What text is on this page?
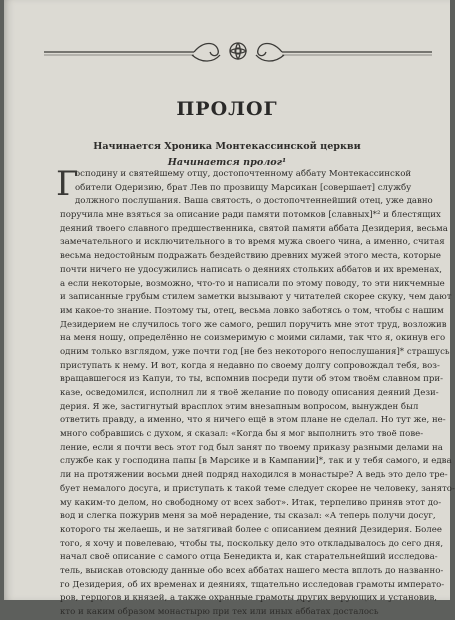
ПРОЛОГ
Начинается Хроника Монтекассинской церкви
Начинается пролог¹
Г
осподину и святейшему отцу, достопочтенному аббату Монтекассинской
обители Одеризию, брат Лев по прозвищу Марсикан [совершает] службу
должного послушания. Ваша святость, о достопочтеннейший отец, уже давно
поручила мне взяться за описание ради памяти потомков [славных]*² и блестящих
деяний твоего славного предшественника, святой памяти аббата Дезидерия, весьма
замечательного и исключительного в то время мужа своего чина, а именно, считая
весьма недостойным подражать бездействию древних мужей этого места, которые
почти ничего не удосужились написать о деяниях стольких аббатов и их временах,
а если некоторые, возможно, что-то и написали по этому поводу, то эти никчемные
и записанные грубым стилем заметки вызывают у читателей скорее скуку, чем дают
им какое-то знание. Поэтому ты, отец, весьма ловко заботясь о том, чтобы с нашим
Дезидерием не случилось того же самого, решил поручить мне этот труд, возложив
на меня ношу, определённо не соизмеримую с моими силами, так что я, окинув его
одним только взглядом, уже почти год [не без некоторого непослушания]* страшусь
приступать к нему. И вот, когда я недавно по своему долгу сопровождал тебя, воз-
вращавшегося из Капуи, то ты, вспомнив посреди пути об этом твоём славном при-
казе, осведомился, исполнил ли я твоё желание по поводу описания деяний Дези-
дерия. Я же, застигнутый врасплох этим внезапным вопросом, вынужден был
ответить правду, а именно, что я ничего ещё в этом плане не сделал. Но тут же, не-
много собравшись с духом, я сказал: «Когда бы я мог выполнить это твоё пове-
ление, если я почти весь этот год был занят по твоему приказу разными делами на
службе как у господина папы [в Марсике и в Кампании]*, так и у тебя самого, и едва
ли на протяжении восьми дней подряд находился в монастыре? А ведь это дело тре-
бует немалого досуга, и приступать к такой теме следует скорее не человеку, занято-
му каким-то делом, но свободному от всех забот». Итак, терпеливо приняв этот до-
вод и слегка пожурив меня за моё нерадение, ты сказал: «А теперь получи досуг,
которого ты желаешь, и не затягивай более с описанием деяний Дезидерия. Более
того, я хочу и повелеваю, чтобы ты, поскольку дело это откладывалось до сего дня,
начал своё описание с самого отца Бенедикта и, как старательнейший исследова-
тель, выискав отовсюду данные обо всех аббатах нашего места вплоть до названно-
го Дезидерия, об их временах и деяниях, тщательно исследовав грамоты императо-
ров, герцогов и князей, а также охранные грамоты других верующих и установив,
кто и каким образом монастырю при тех или иных аббатах досталось
